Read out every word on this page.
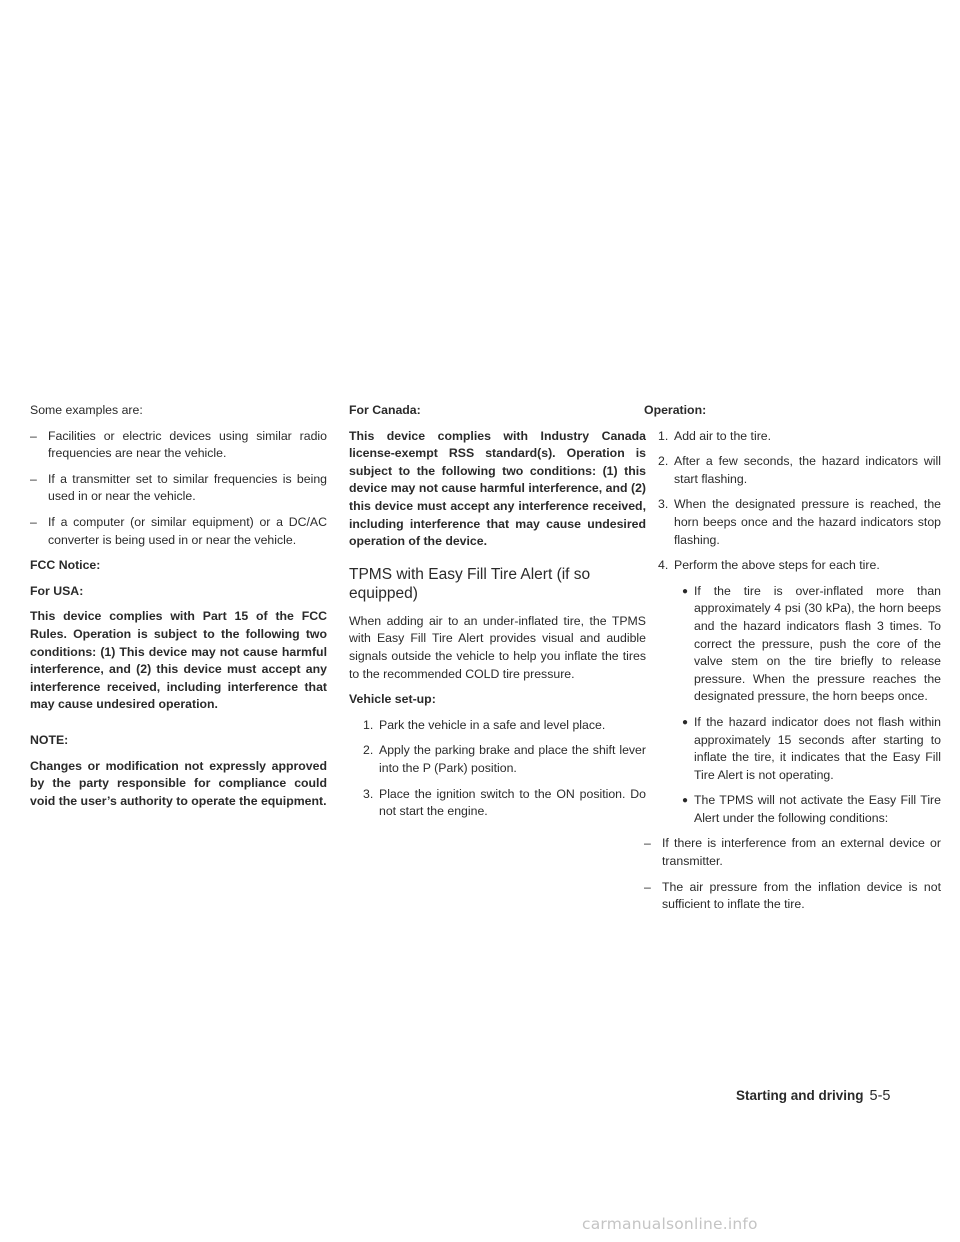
Some examples are:

– Facilities or electric devices using similar radio frequencies are near the vehicle.
– If a transmitter set to similar frequencies is being used in or near the vehicle.
– If a computer (or similar equipment) or a DC/AC converter is being used in or near the vehicle.

FCC Notice:

For USA:

This device complies with Part 15 of the FCC Rules. Operation is subject to the following two conditions: (1) This device may not cause harmful interference, and (2) this device must accept any interference received, including interference that may cause undesired operation.

NOTE:

Changes or modification not expressly approved by the party responsible for compliance could void the user’s authority to operate the equipment.

For Canada:

This device complies with Industry Canada license-exempt RSS standard(s). Operation is subject to the following two conditions: (1) this device may not cause harmful interference, and (2) this device must accept any interference received, including interference that may cause undesired operation of the device.

TPMS with Easy Fill Tire Alert (if so equipped)

When adding air to an under-inflated tire, the TPMS with Easy Fill Tire Alert provides visual and audible signals outside the vehicle to help you inflate the tires to the recommended COLD tire pressure.

Vehicle set-up:

1. Park the vehicle in a safe and level place.
2. Apply the parking brake and place the shift lever into the P (Park) position.
3. Place the ignition switch to the ON position. Do not start the engine.

Operation:

1. Add air to the tire.
2. After a few seconds, the hazard indicators will start flashing.
3. When the designated pressure is reached, the horn beeps once and the hazard indicators stop flashing.
4. Perform the above steps for each tire.
● If the tire is over-inflated more than approximately 4 psi (30 kPa), the horn beeps and the hazard indicators flash 3 times. To correct the pressure, push the core of the valve stem on the tire briefly to release pressure. When the pressure reaches the designated pressure, the horn beeps once.
● If the hazard indicator does not flash within approximately 15 seconds after starting to inflate the tire, it indicates that the Easy Fill Tire Alert is not operating.
● The TPMS will not activate the Easy Fill Tire Alert under the following conditions:
– If there is interference from an external device or transmitter.
– The air pressure from the inflation device is not sufficient to inflate the tire.
Starting and driving 5-5
carmanualsonline.info
